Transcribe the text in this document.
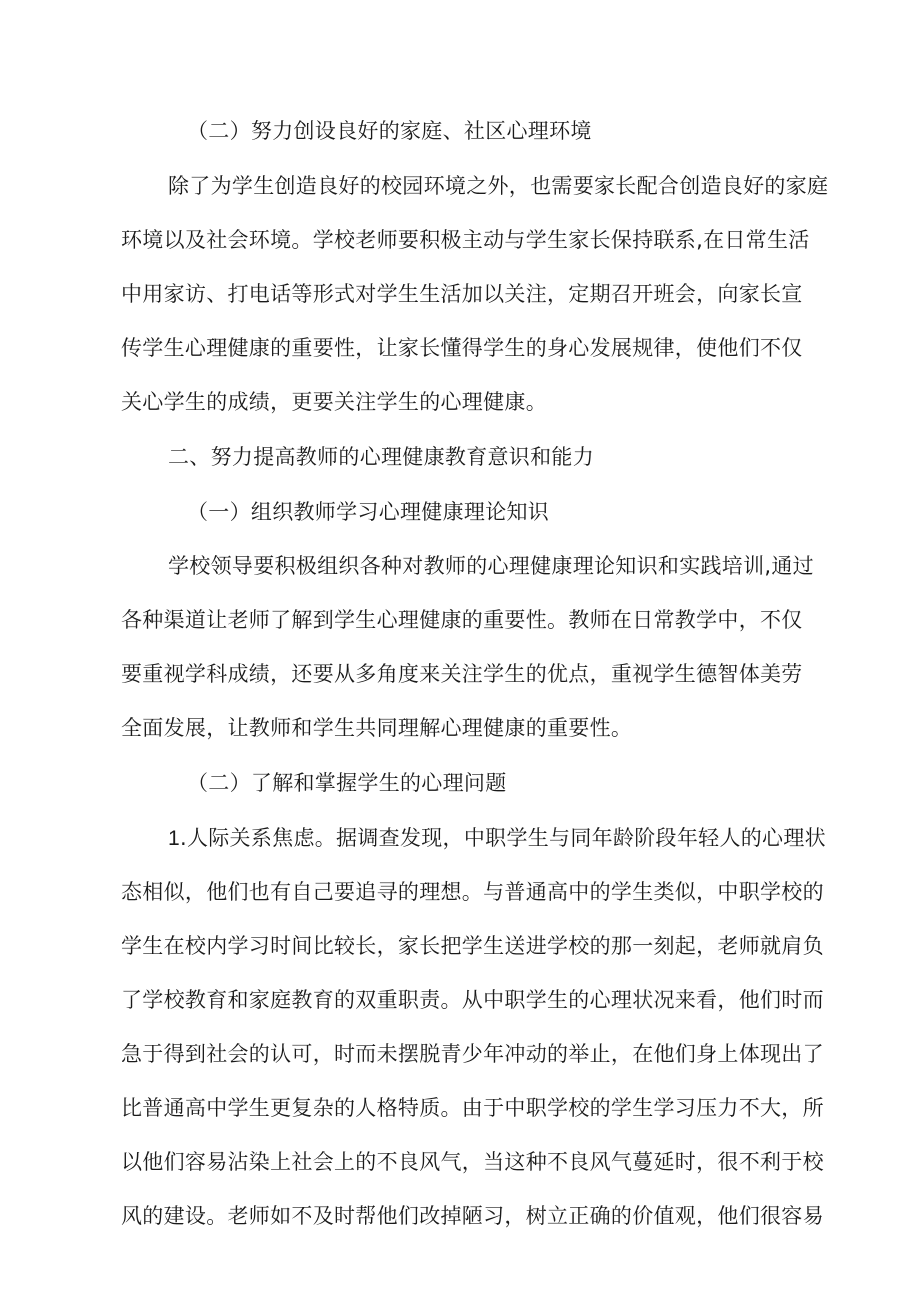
（二）努力创设良好的家庭、社区心理环境
除了为学生创造良好的校园环境之外，也需要家长配合创造良好的家庭
环境以及社会环境。学校老师要积极主动与学生家长保持联系,在日常生活
中用家访、打电话等形式对学生生活加以关注，定期召开班会，向家长宣
传学生心理健康的重要性，让家长懂得学生的身心发展规律，使他们不仅
关心学生的成绩，更要关注学生的心理健康。
二、努力提高教师的心理健康教育意识和能力
（一）组织教师学习心理健康理论知识
学校领导要积极组织各种对教师的心理健康理论知识和实践培训,通过
各种渠道让老师了解到学生心理健康的重要性。教师在日常教学中，不仅
要重视学科成绩，还要从多角度来关注学生的优点，重视学生德智体美劳
全面发展，让教师和学生共同理解心理健康的重要性。
（二）了解和掌握学生的心理问题
1.人际关系焦虑。据调查发现，中职学生与同年龄阶段年轻人的心理状
态相似，他们也有自己要追寻的理想。与普通高中的学生类似，中职学校的
学生在校内学习时间比较长，家长把学生送进学校的那一刻起，老师就肩负
了学校教育和家庭教育的双重职责。从中职学生的心理状况来看，他们时而
急于得到社会的认可，时而未摆脱青少年冲动的举止，在他们身上体现出了
比普通高中学生更复杂的人格特质。由于中职学校的学生学习压力不大，所
以他们容易沾染上社会上的不良风气，当这种不良风气蔓延时，很不利于校
风的建设。老师如不及时帮他们改掉陋习，树立正确的价值观，他们很容易
